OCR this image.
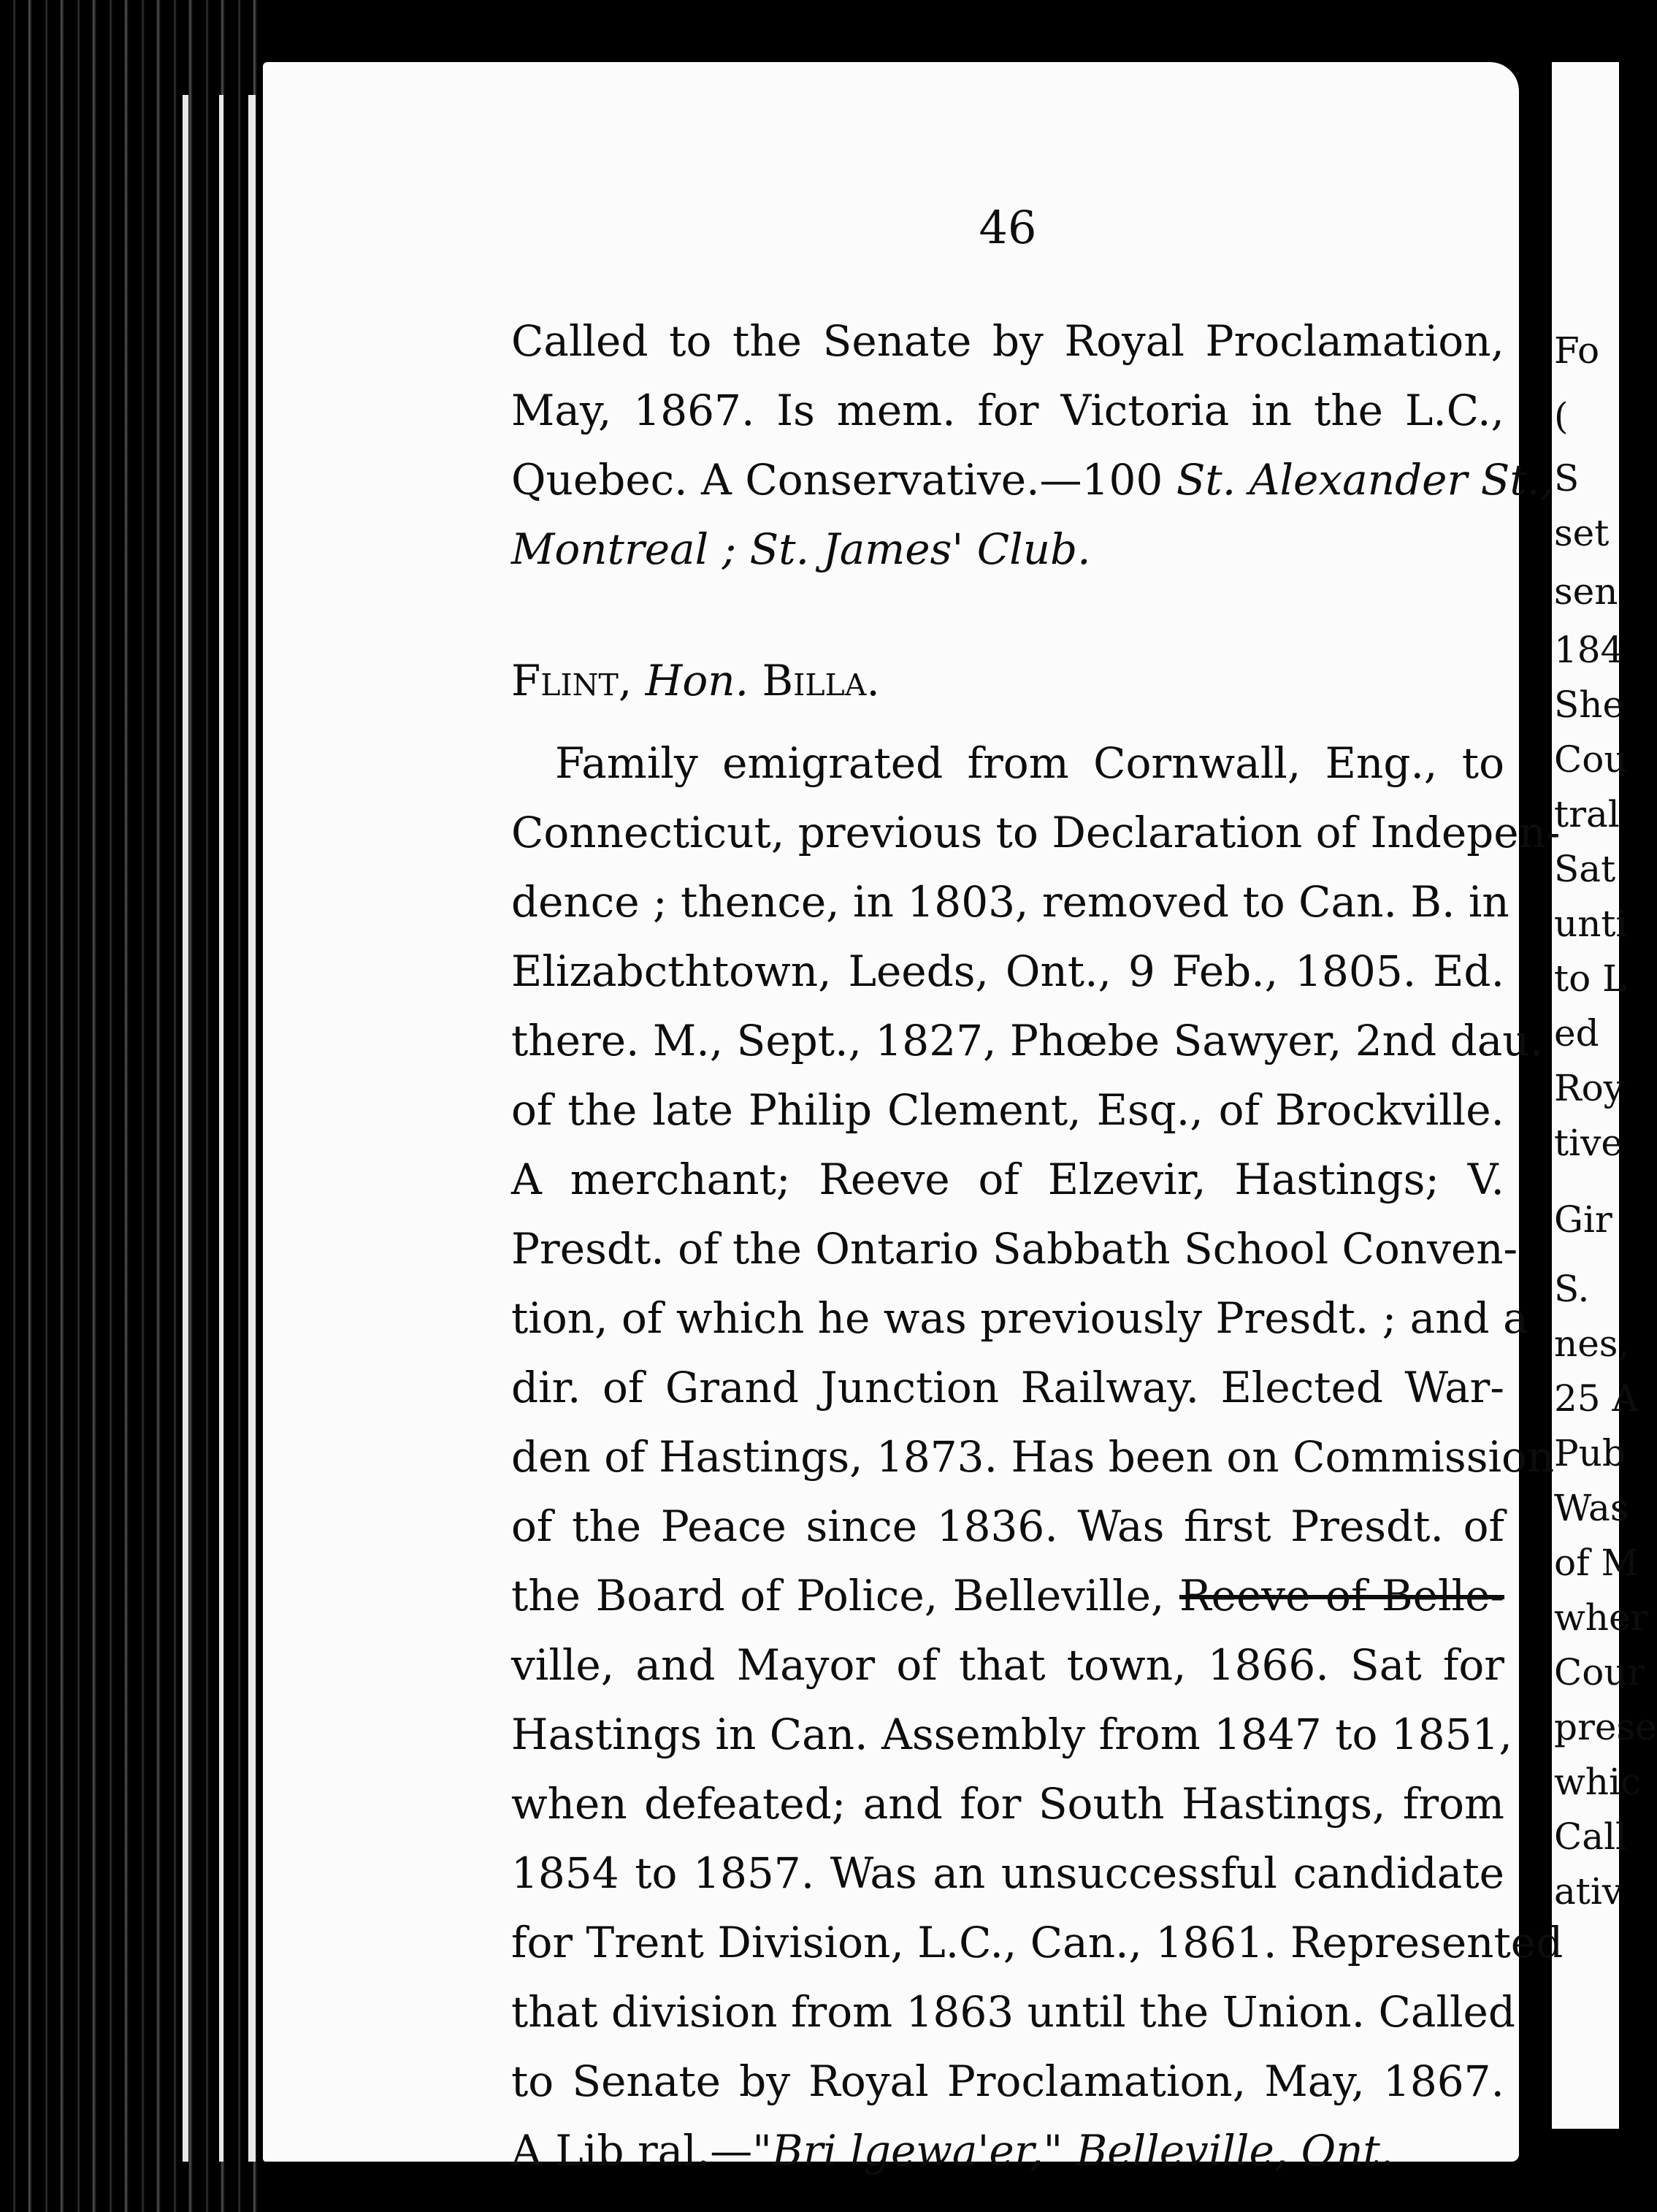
46
Called to the Senate by Royal Proclamation,
May, 1867. Is mem. for Victoria in the L.C.,
Quebec. A Conservative.—100 St. Alexander St.,
Montreal ; St. James' Club.
Flint, Hon. Billa.
Family emigrated from Cornwall, Eng., to
Connecticut, previous to Declaration of Indepen-
dence ; thence, in 1803, removed to Can. B. in
Elizabcthtown, Leeds, Ont., 9 Feb., 1805. Ed.
there. M., Sept., 1827, Phœbe Sawyer, 2nd dau.
of the late Philip Clement, Esq., of Brockville.
A merchant; Reeve of Elzevir, Hastings; V.
Presdt. of the Ontario Sabbath School Conven-
tion, of which he was previously Presdt. ; and a
dir. of Grand Junction Railway. Elected War-
den of Hastings, 1873. Has been on Commission
of the Peace since 1836. Was first Presdt. of
the Board of Police, Belleville, Reeve of Belle-
ville, and Mayor of that town, 1866. Sat for
Hastings in Can. Assembly from 1847 to 1851,
when defeated; and for South Hastings, from
1854 to 1857. Was an unsuccessful candidate
for Trent Division, L.C., Can., 1861. Represented
that division from 1863 until the Union. Called
to Senate by Royal Proclamation, May, 1867.
A Lib ral.—"Bri lgewa'er," Belleville, Ont.
Fo
(
S
set
sen
184
She
Cou
tral
Sat
unti
to L
ed
Roy
tive
Gir
S.
nes,
25 A
Pub
Was
of M
wher
Cour
prese
whic
Call
ativ
